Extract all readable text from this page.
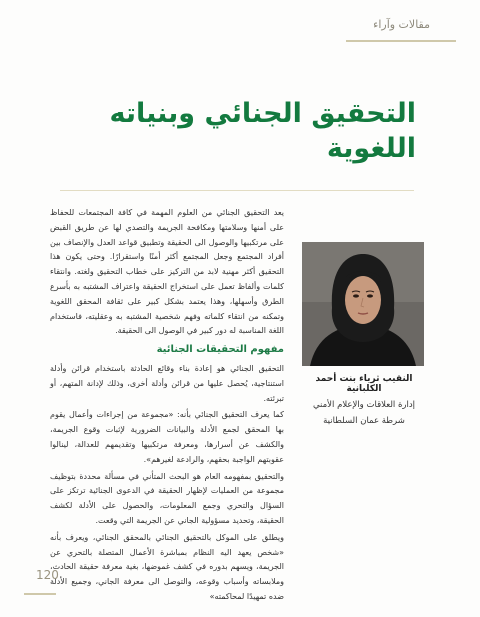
مقالات وآراء
التحقيق الجنائي وبنياته اللغوية

النقيب ثرياء بنت أحمد الكلبانية

إدارة العلاقات والإعلام الأمني

شرطة عمان السلطانية

يعد التحقيق الجنائي من العلوم المهمة في كافة المجتمعات للحفاظ على أمنها وسلامتها ومكافحة الجريمة والتصدي لها عن طريق القبض على مرتكبيها والوصول الى الحقيقة وتطبيق قواعد العدل والإنصاف بين أفراد المجتمع وجعل المجتمع أكثر أمنًا واستقرارًا. وحتى يكون هذا التحقيق أكثر مهنية لابد من التركيز على خطاب التحقيق ولغته. وانتقاء كلمات وألفاظ تعمل على استخراج الحقيقة واعتراف المشتبه به بأسرع الطرق وأسهلها، وهذا يعتمد بشكل كبير على ثقافة المحقق اللغوية وتمكنه من انتقاء كلماته وفهم شخصية المشتبه به وعقليته، فاستخدام اللغة المناسبة له دور كبير في الوصول الى الحقيقة.

مفهوم التحقيقات الجنائية

التحقيق الجنائي هو إعادة بناء وقائع الحادثة باستخدام قرائن وأدلة استنتاجية، يُحصل عليها من قرائن وأدلة أخرى، وذلك لإدانة المتهم، أو تبرئته.

كما يعرف التحقيق الجنائي بأنه: «مجموعة من إجراءات وأعمال يقوم بها المحقق لجمع الأدلة والبيانات الضرورية لإثبات وقوع الجريمة، والكشف عن أسرارها، ومعرفة مرتكبيها وتقديمهم للعدالة، لينالوا عقوبتهم الواجبة بحقهم، والرادعة لغيرهم».

والتحقيق بمفهومه العام هو البحث المتأني في مسألة محددة بتوظيف مجموعة من العمليات لإظهار الحقيقة في الدعوى الجنائية ترتكز على السؤال والتحري وجمع المعلومات، والحصول على الأدلة لكشف الحقيقة، وتحديد مسؤولية الجاني عن الجريمة التي وقعت.

ويطلق على الموكل بالتحقيق الجنائي بالمحقق الجنائي، ويعرف بأنه «شخص يعهد اليه النظام بمباشرة الأعمال المتصلة بالتحري عن الجريمة، ويسهم بدوره في كشف غموضها، بغية معرفة حقيقة الحادث، وملابساته وأسباب وقوعه، والتوصل الى معرفة الجاني، وجميع الأدلة ضده تمهيدًا لمحاكمته»

120
